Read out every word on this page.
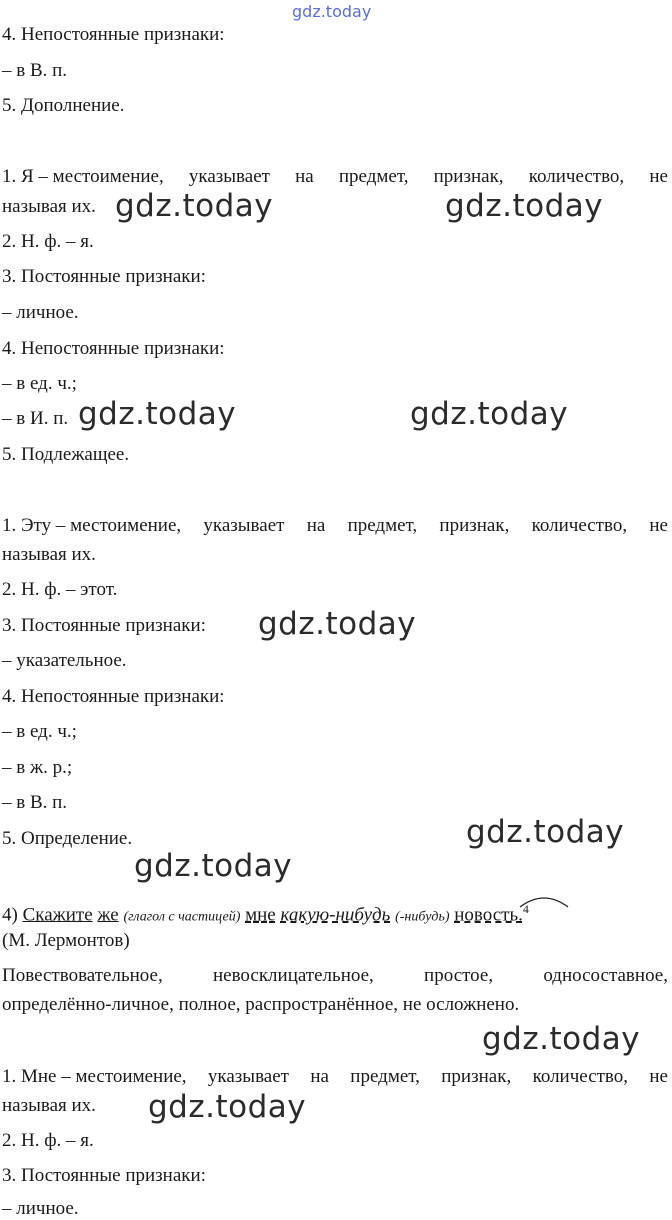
gdz.today
4. Непостоянные признаки:
– в В. п.
5. Дополнение.
1. Я – местоимение, указывает на предмет, признак, количество, не
называя их.
2. Н. ф. – я.
3. Постоянные признаки:
– личное.
4. Непостоянные признаки:
– в ед. ч.;
– в И. п.
5. Подлежащее.
1. Эту – местоимение, указывает на предмет, признак, количество, не
называя их.
2. Н. ф. – этот.
3. Постоянные признаки:
– указательное.
4. Непостоянные признаки:
– в ед. ч.;
– в ж. р.;
– в В. п.
5. Определение.
4) Скажите же (глагол с частицей) мне какую-нибудь (-нибудь) новость.$^4$
(М. Лермонтов)
Повествовательное,	невосклицательное,	простое,	односоставное,
определённо-личное, полное, распространённое, не осложнено.
1. Мне – местоимение, указывает на предмет, признак, количество, не
называя их.
2. Н. ф. – я.
3. Постоянные признаки:
– личное.
gdz.today	gdz.today
gdz.today	gdz.today
gdz.today
gdz.today
gdz.today
gdz.today
gdz.today
